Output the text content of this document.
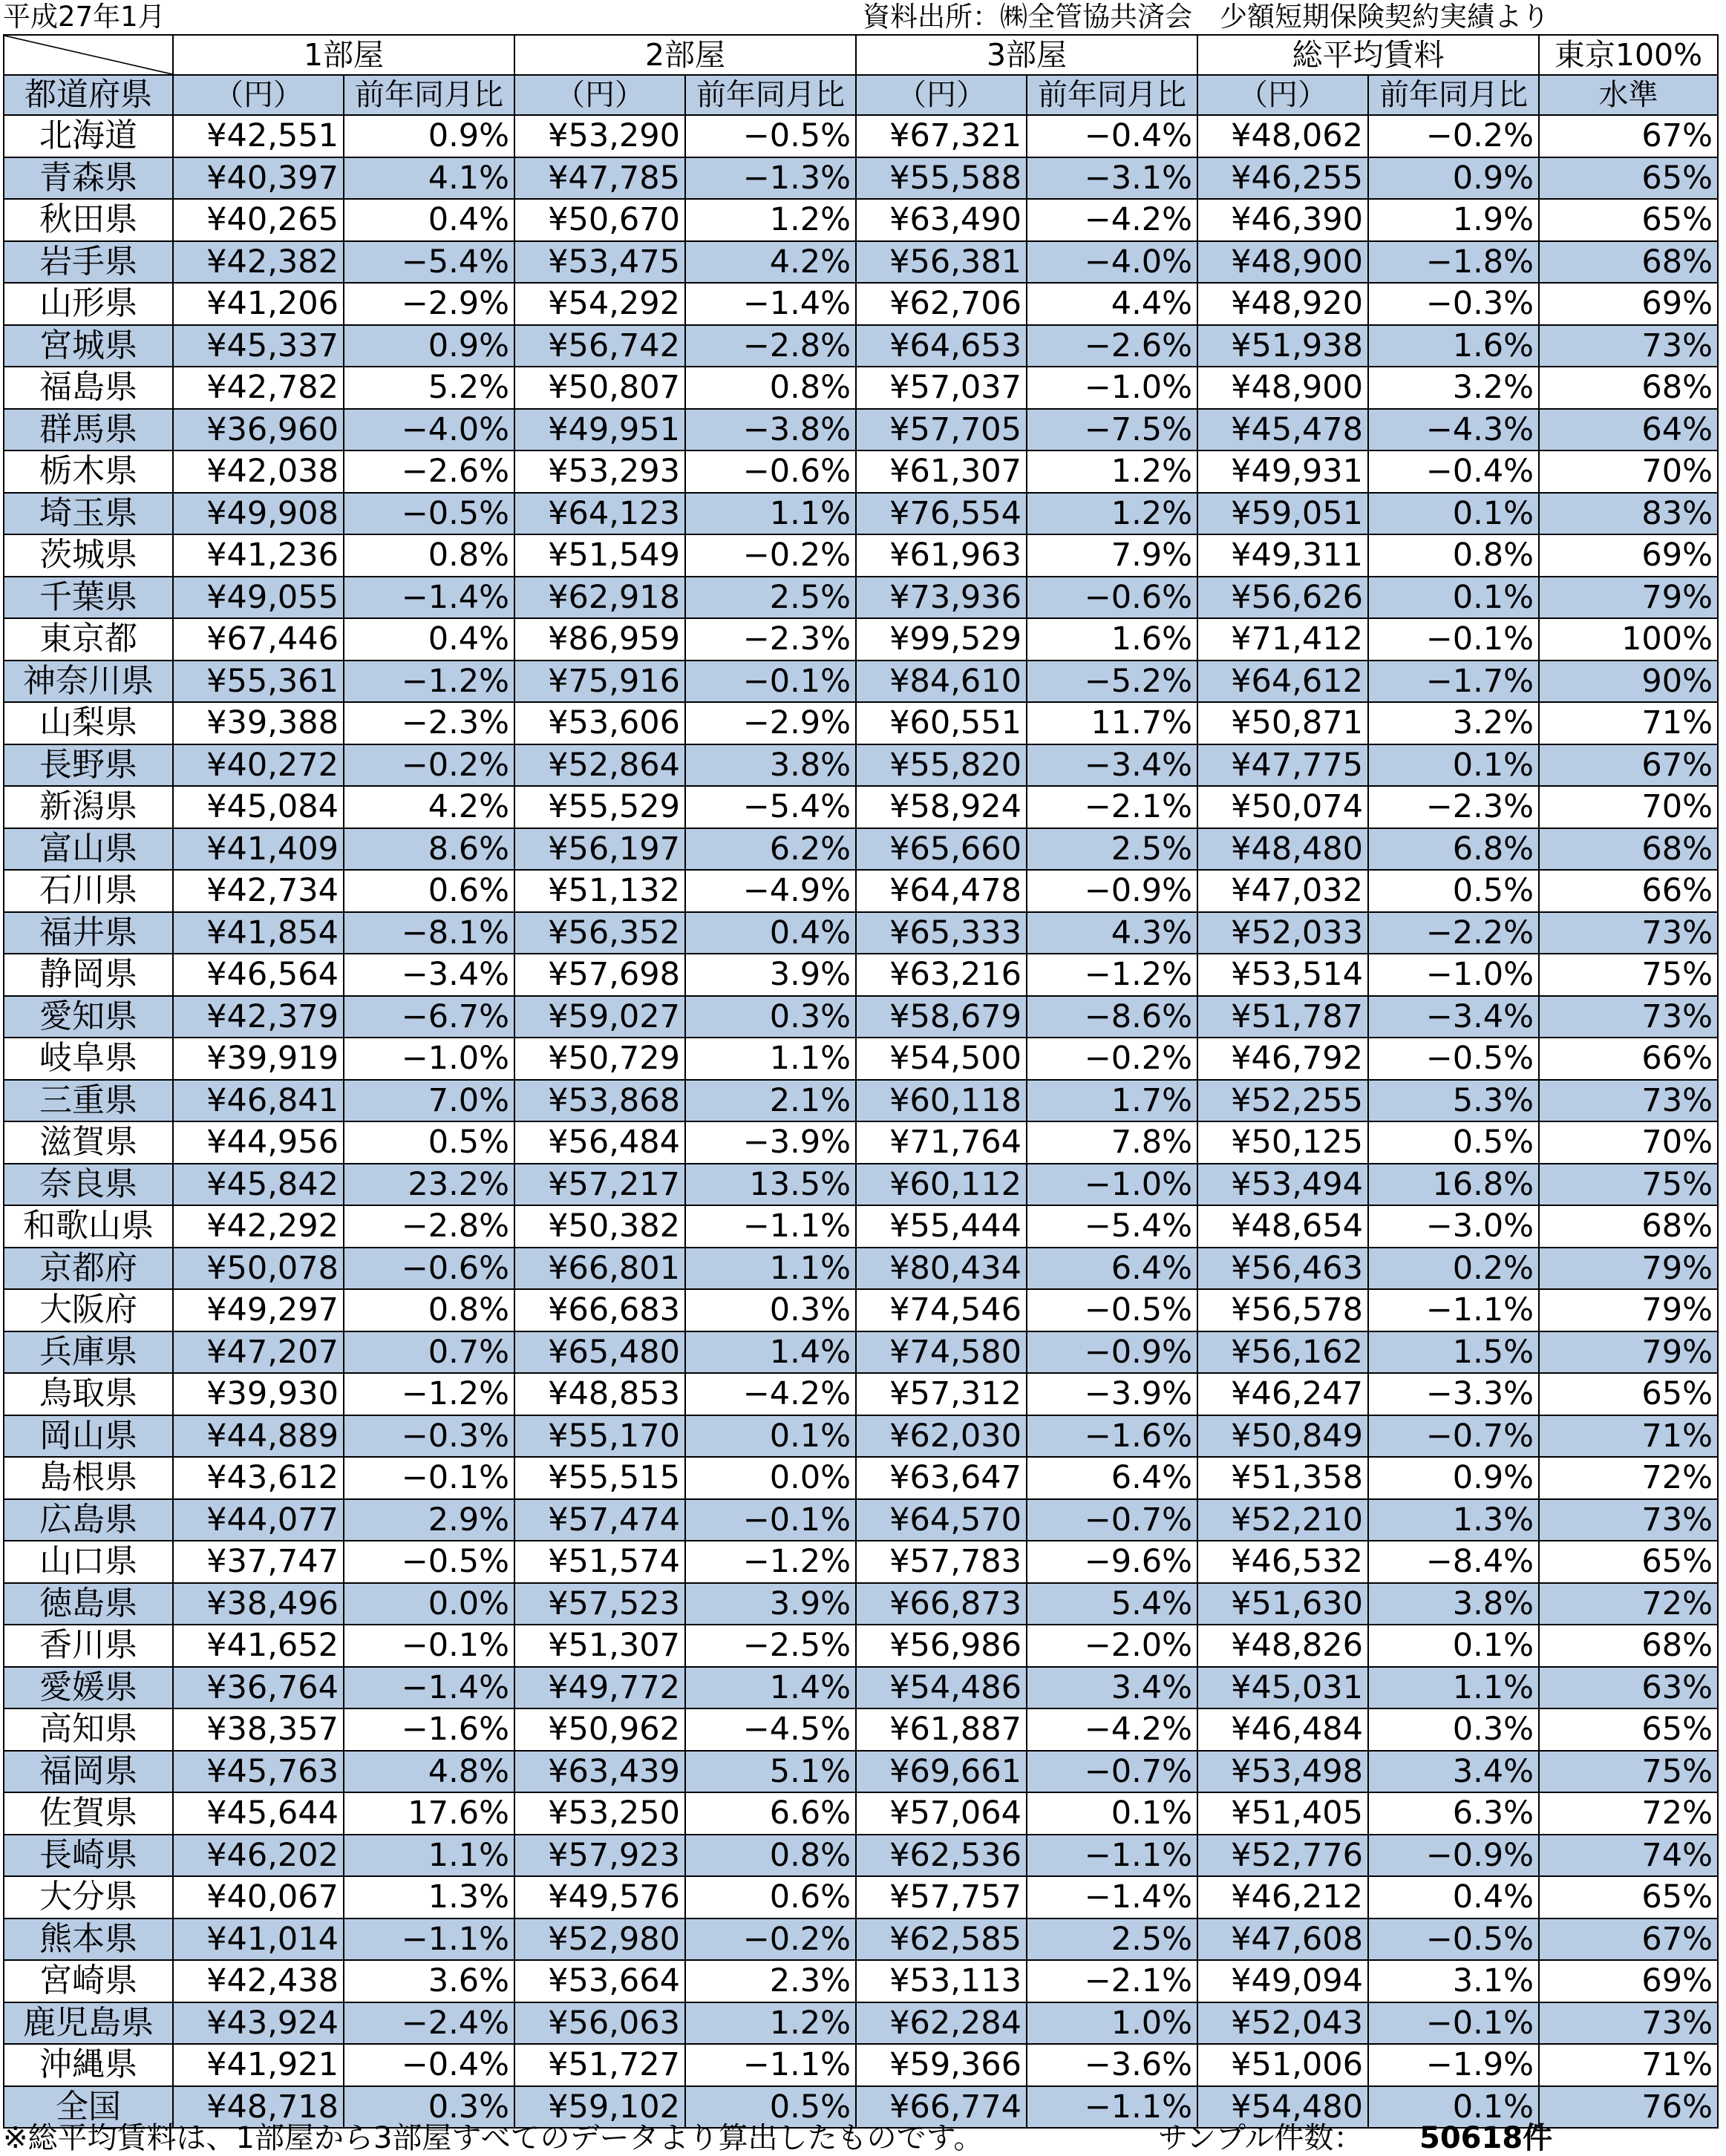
平成27年1月	資料出所：㈱全管協共済会　少額短期保険契約実績より
	1部屋		2部屋		3部屋		総平均賃料		東京100%
都道府県	（円）	前年同月比	（円）	前年同月比	（円）	前年同月比	（円）	前年同月比	水準
北海道	¥42,551	0.9%	¥53,290	−0.5%	¥67,321	−0.4%	¥48,062	−0.2%	67%
青森県	¥40,397	4.1%	¥47,785	−1.3%	¥55,588	−3.1%	¥46,255	0.9%	65%
秋田県	¥40,265	0.4%	¥50,670	1.2%	¥63,490	−4.2%	¥46,390	1.9%	65%
岩手県	¥42,382	−5.4%	¥53,475	4.2%	¥56,381	−4.0%	¥48,900	−1.8%	68%
山形県	¥41,206	−2.9%	¥54,292	−1.4%	¥62,706	4.4%	¥48,920	−0.3%	69%
宮城県	¥45,337	0.9%	¥56,742	−2.8%	¥64,653	−2.6%	¥51,938	1.6%	73%
福島県	¥42,782	5.2%	¥50,807	0.8%	¥57,037	−1.0%	¥48,900	3.2%	68%
群馬県	¥36,960	−4.0%	¥49,951	−3.8%	¥57,705	−7.5%	¥45,478	−4.3%	64%
栃木県	¥42,038	−2.6%	¥53,293	−0.6%	¥61,307	1.2%	¥49,931	−0.4%	70%
埼玉県	¥49,908	−0.5%	¥64,123	1.1%	¥76,554	1.2%	¥59,051	0.1%	83%
茨城県	¥41,236	0.8%	¥51,549	−0.2%	¥61,963	7.9%	¥49,311	0.8%	69%
千葉県	¥49,055	−1.4%	¥62,918	2.5%	¥73,936	−0.6%	¥56,626	0.1%	79%
東京都	¥67,446	0.4%	¥86,959	−2.3%	¥99,529	1.6%	¥71,412	−0.1%	100%
神奈川県	¥55,361	−1.2%	¥75,916	−0.1%	¥84,610	−5.2%	¥64,612	−1.7%	90%
山梨県	¥39,388	−2.3%	¥53,606	−2.9%	¥60,551	11.7%	¥50,871	3.2%	71%
長野県	¥40,272	−0.2%	¥52,864	3.8%	¥55,820	−3.4%	¥47,775	0.1%	67%
新潟県	¥45,084	4.2%	¥55,529	−5.4%	¥58,924	−2.1%	¥50,074	−2.3%	70%
富山県	¥41,409	8.6%	¥56,197	6.2%	¥65,660	2.5%	¥48,480	6.8%	68%
石川県	¥42,734	0.6%	¥51,132	−4.9%	¥64,478	−0.9%	¥47,032	0.5%	66%
福井県	¥41,854	−8.1%	¥56,352	0.4%	¥65,333	4.3%	¥52,033	−2.2%	73%
静岡県	¥46,564	−3.4%	¥57,698	3.9%	¥63,216	−1.2%	¥53,514	−1.0%	75%
愛知県	¥42,379	−6.7%	¥59,027	0.3%	¥58,679	−8.6%	¥51,787	−3.4%	73%
岐阜県	¥39,919	−1.0%	¥50,729	1.1%	¥54,500	−0.2%	¥46,792	−0.5%	66%
三重県	¥46,841	7.0%	¥53,868	2.1%	¥60,118	1.7%	¥52,255	5.3%	73%
滋賀県	¥44,956	0.5%	¥56,484	−3.9%	¥71,764	7.8%	¥50,125	0.5%	70%
奈良県	¥45,842	23.2%	¥57,217	13.5%	¥60,112	−1.0%	¥53,494	16.8%	75%
和歌山県	¥42,292	−2.8%	¥50,382	−1.1%	¥55,444	−5.4%	¥48,654	−3.0%	68%
京都府	¥50,078	−0.6%	¥66,801	1.1%	¥80,434	6.4%	¥56,463	0.2%	79%
大阪府	¥49,297	0.8%	¥66,683	0.3%	¥74,546	−0.5%	¥56,578	−1.1%	79%
兵庫県	¥47,207	0.7%	¥65,480	1.4%	¥74,580	−0.9%	¥56,162	1.5%	79%
鳥取県	¥39,930	−1.2%	¥48,853	−4.2%	¥57,312	−3.9%	¥46,247	−3.3%	65%
岡山県	¥44,889	−0.3%	¥55,170	0.1%	¥62,030	−1.6%	¥50,849	−0.7%	71%
島根県	¥43,612	−0.1%	¥55,515	0.0%	¥63,647	6.4%	¥51,358	0.9%	72%
広島県	¥44,077	2.9%	¥57,474	−0.1%	¥64,570	−0.7%	¥52,210	1.3%	73%
山口県	¥37,747	−0.5%	¥51,574	−1.2%	¥57,783	−9.6%	¥46,532	−8.4%	65%
徳島県	¥38,496	0.0%	¥57,523	3.9%	¥66,873	5.4%	¥51,630	3.8%	72%
香川県	¥41,652	−0.1%	¥51,307	−2.5%	¥56,986	−2.0%	¥48,826	0.1%	68%
愛媛県	¥36,764	−1.4%	¥49,772	1.4%	¥54,486	3.4%	¥45,031	1.1%	63%
高知県	¥38,357	−1.6%	¥50,962	−4.5%	¥61,887	−4.2%	¥46,484	0.3%	65%
福岡県	¥45,763	4.8%	¥63,439	5.1%	¥69,661	−0.7%	¥53,498	3.4%	75%
佐賀県	¥45,644	17.6%	¥53,250	6.6%	¥57,064	0.1%	¥51,405	6.3%	72%
長崎県	¥46,202	1.1%	¥57,923	0.8%	¥62,536	−1.1%	¥52,776	−0.9%	74%
大分県	¥40,067	1.3%	¥49,576	0.6%	¥57,757	−1.4%	¥46,212	0.4%	65%
熊本県	¥41,014	−1.1%	¥52,980	−0.2%	¥62,585	2.5%	¥47,608	−0.5%	67%
宮崎県	¥42,438	3.6%	¥53,664	2.3%	¥53,113	−2.1%	¥49,094	3.1%	69%
鹿児島県	¥43,924	−2.4%	¥56,063	1.2%	¥62,284	1.0%	¥52,043	−0.1%	73%
沖縄県	¥41,921	−0.4%	¥51,727	−1.1%	¥59,366	−3.6%	¥51,006	−1.9%	71%
全国	¥48,718	0.3%	¥59,102	0.5%	¥66,774	−1.1%	¥54,480	0.1%	76%
※総平均賃料は、1部屋から3部屋すべてのデータより算出したものです。	サンプル件数： 50618件
